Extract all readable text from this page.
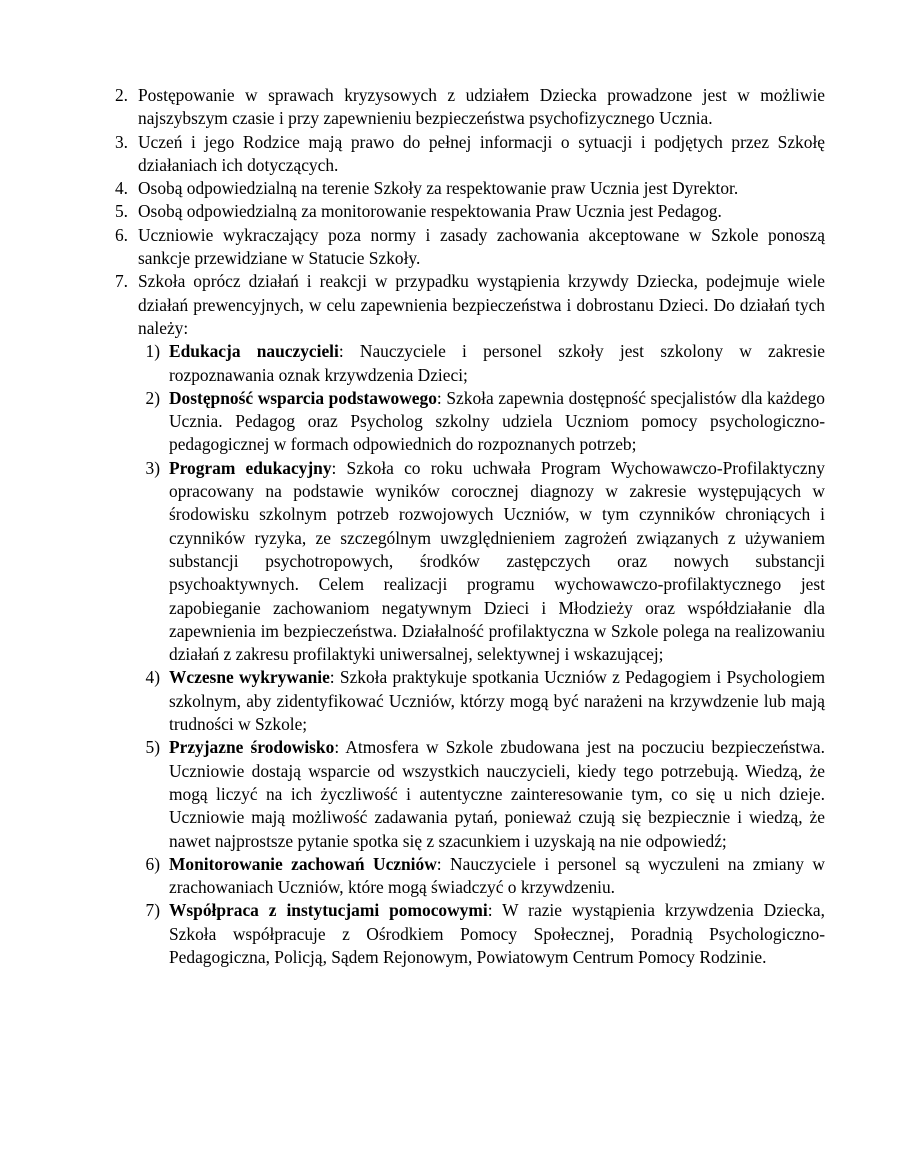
2. Postępowanie w sprawach kryzysowych z udziałem Dziecka prowadzone jest w możliwie najszybszym czasie i przy zapewnieniu bezpieczeństwa psychofizycznego Ucznia.
3. Uczeń i jego Rodzice mają prawo do pełnej informacji o sytuacji i podjętych przez Szkołę działaniach ich dotyczących.
4. Osobą odpowiedzialną na terenie Szkoły za respektowanie praw Ucznia jest Dyrektor.
5. Osobą odpowiedzialną za monitorowanie respektowania Praw Ucznia jest Pedagog.
6. Uczniowie wykraczający poza normy i zasady zachowania akceptowane w Szkole ponoszą sankcje przewidziane w Statucie Szkoły.
7. Szkoła oprócz działań i reakcji w przypadku wystąpienia krzywdy Dziecka, podejmuje wiele działań prewencyjnych, w celu zapewnienia bezpieczeństwa i dobrostanu Dzieci. Do działań tych należy:
1) Edukacja nauczycieli: Nauczyciele i personel szkoły jest szkolony w zakresie rozpoznawania oznak krzywdzenia Dzieci;
2) Dostępność wsparcia podstawowego: Szkoła zapewnia dostępność specjalistów dla każdego Ucznia. Pedagog oraz Psycholog szkolny udziela Uczniom pomocy psychologiczno-pedagogicznej w formach odpowiednich do rozpoznanych potrzeb;
3) Program edukacyjny: Szkoła co roku uchwała Program Wychowawczo-Profilaktyczny opracowany na podstawie wyników corocznej diagnozy w zakresie występujących w środowisku szkolnym potrzeb rozwojowych Uczniów, w tym czynników chroniących i czynników ryzyka, ze szczególnym uwzględnieniem zagrożeń związanych z używaniem substancji psychotropowych, środków zastępczych oraz nowych substancji psychoaktywnych. Celem realizacji programu wychowawczo-profilaktycznego jest zapobieganie zachowaniom negatywnym Dzieci i Młodzieży oraz współdziałanie dla zapewnienia im bezpieczeństwa. Działalność profilaktyczna w Szkole polega na realizowaniu działań z zakresu profilaktyki uniwersalnej, selektywnej i wskazującej;
4) Wczesne wykrywanie: Szkoła praktykuje spotkania Uczniów z Pedagogiem i Psychologiem szkolnym, aby zidentyfikować Uczniów, którzy mogą być narażeni na krzywdzenie lub mają trudności w Szkole;
5) Przyjazne środowisko: Atmosfera w Szkole zbudowana jest na poczuciu bezpieczeństwa. Uczniowie dostają wsparcie od wszystkich nauczycieli, kiedy tego potrzebują. Wiedzą, że mogą liczyć na ich życzliwość i autentyczne zainteresowanie tym, co się u nich dzieje. Uczniowie mają możliwość zadawania pytań, ponieważ czują się bezpiecznie i wiedzą, że nawet najprostsze pytanie spotka się z szacunkiem i uzyskają na nie odpowiedź;
6) Monitorowanie zachowań Uczniów: Nauczyciele i personel są wyczuleni na zmiany w zrachowaniach Uczniów, które mogą świadczyć o krzywdzeniu.
7) Współpraca z instytucjami pomocowymi: W razie wystąpienia krzywdzenia Dziecka, Szkoła współpracuje z Ośrodkiem Pomocy Społecznej, Poradnią Psychologiczno-Pedagogiczna, Policją, Sądem Rejonowym, Powiatowym Centrum Pomocy Rodzinie.
